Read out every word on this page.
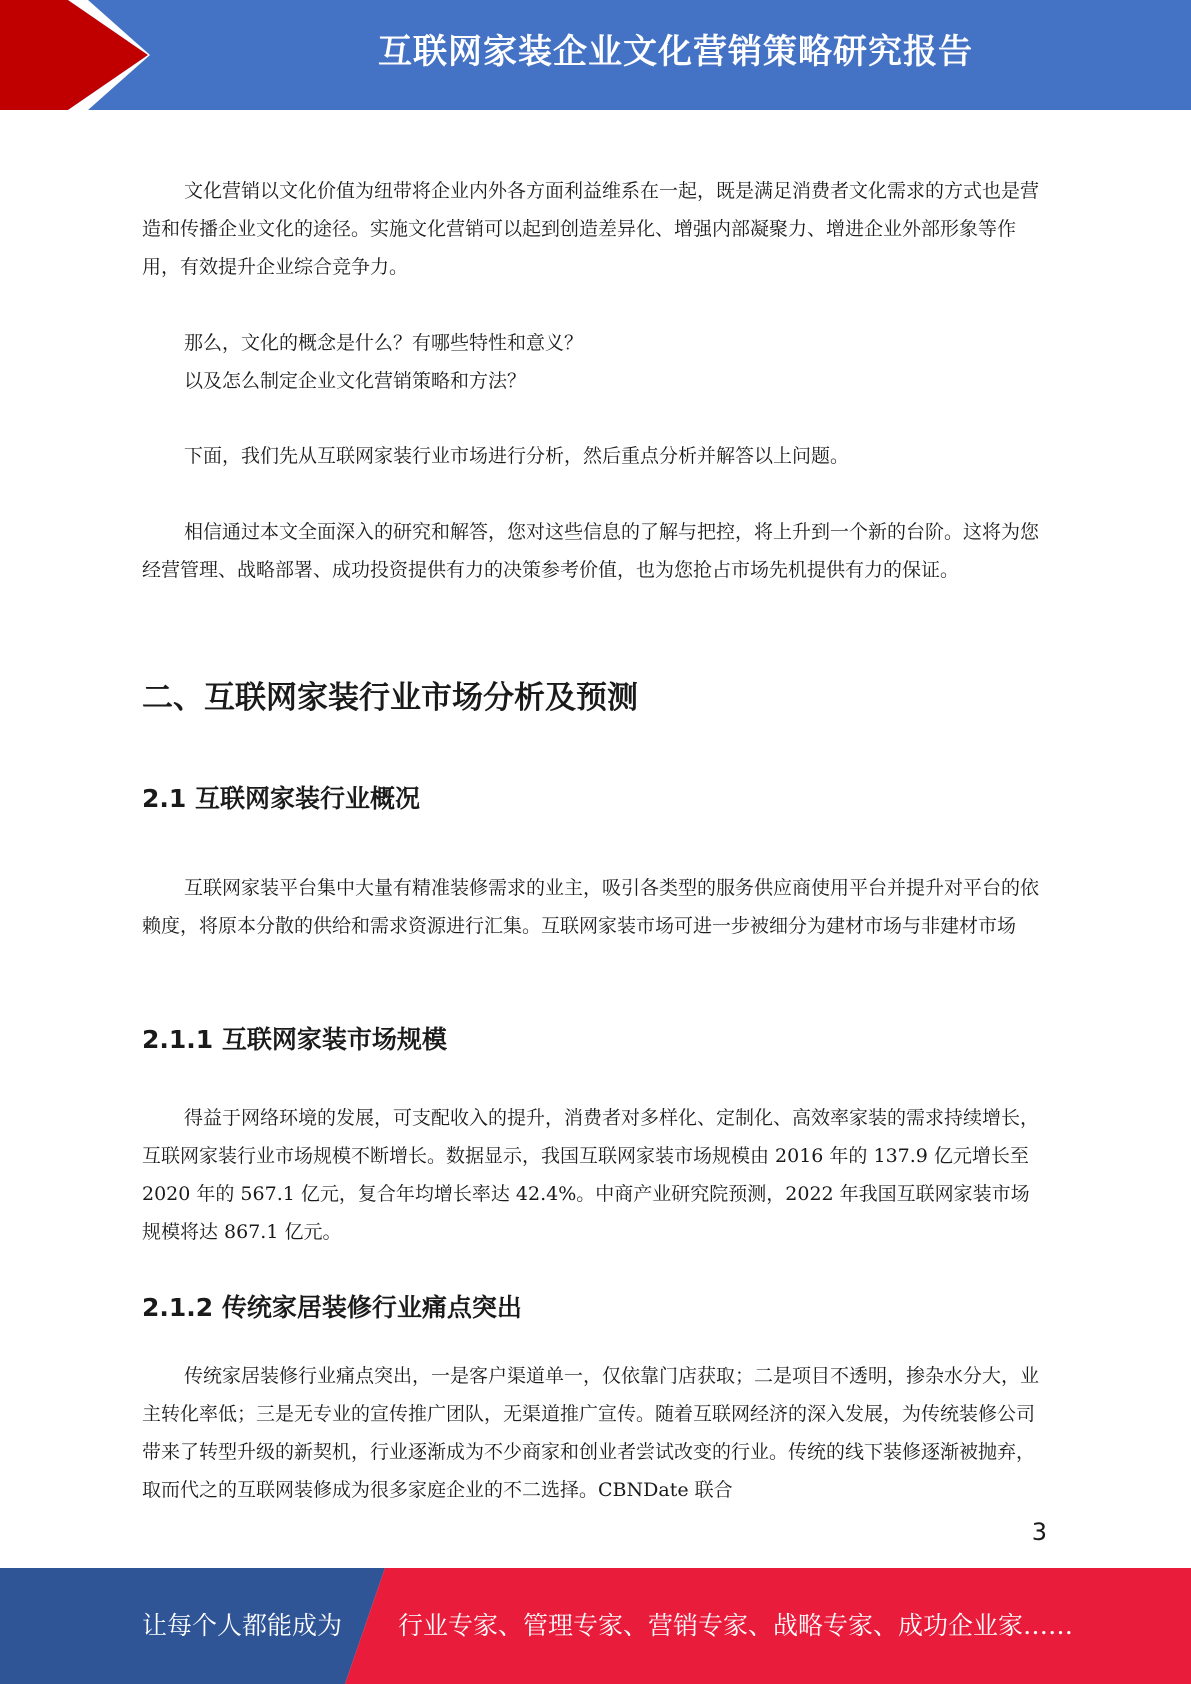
互联网家装企业文化营销策略研究报告

文化营销以文化价值为纽带将企业内外各方面利益维系在一起，既是满足消费者文化需求的方式也是营造和传播企业文化的途径。实施文化营销可以起到创造差异化、增强内部凝聚力、增进企业外部形象等作用，有效提升企业综合竞争力。

那么，文化的概念是什么？有哪些特性和意义？

以及怎么制定企业文化营销策略和方法？

下面，我们先从互联网家装行业市场进行分析，然后重点分析并解答以上问题。

相信通过本文全面深入的研究和解答，您对这些信息的了解与把控，将上升到一个新的台阶。这将为您经营管理、战略部署、成功投资提供有力的决策参考价值，也为您抢占市场先机提供有力的保证。

二、互联网家装行业市场分析及预测
2.1 互联网家装行业概况

互联网家装平台集中大量有精准装修需求的业主，吸引各类型的服务供应商使用平台并提升对平台的依赖度，将原本分散的供给和需求资源进行汇集。互联网家装市场可进一步被细分为建材市场与非建材市场

2.1.1 互联网家装市场规模

得益于网络环境的发展，可支配收入的提升，消费者对多样化、定制化、高效率家装的需求持续增长，互联网家装行业市场规模不断增长。数据显示，我国互联网家装市场规模由 2016 年的 137.9 亿元增长至 2020 年的 567.1 亿元，复合年均增长率达 42.4%。中商产业研究院预测，2022 年我国互联网家装市场规模将达 867.1 亿元。

2.1.2 传统家居装修行业痛点突出

传统家居装修行业痛点突出，一是客户渠道单一，仅依靠门店获取；二是项目不透明，掺杂水分大，业主转化率低；三是无专业的宣传推广团队，无渠道推广宣传。随着互联网经济的深入发展，为传统装修公司带来了转型升级的新契机，行业逐渐成为不少商家和创业者尝试改变的行业。传统的线下装修逐渐被抛弃，取而代之的互联网装修成为很多家庭企业的不二选择。CBNDate 联合

3
让每个人都能成为 行业专家、管理专家、营销专家、战略专家、成功企业家……
